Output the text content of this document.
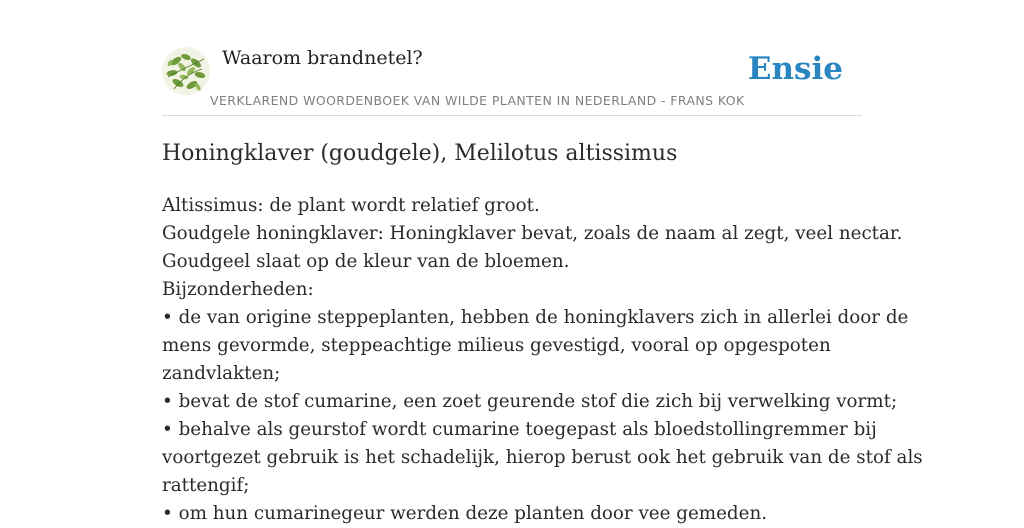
Waarom brandnetel?
VERKLAREND WOORDENBOEK VAN WILDE PLANTEN IN NEDERLAND - FRANS KOK
Ensie
Honingklaver (goudgele), Melilotus altissimus
Altissimus: de plant wordt relatief groot.
Goudgele honingklaver: Honingklaver bevat, zoals de naam al zegt, veel nectar.
Goudgeel slaat op de kleur van de bloemen.
Bijzonderheden:
• de van origine steppeplanten, hebben de honingklavers zich in allerlei door de
mens gevormde, steppeachtige milieus gevestigd, vooral op opgespoten
zandvlakten;
• bevat de stof cumarine, een zoet geurende stof die zich bij verwelking vormt;
• behalve als geurstof wordt cumarine toegepast als bloedstollingremmer bij
voortgezet gebruik is het schadelijk, hierop berust ook het gebruik van de stof als
rattengif;
• om hun cumarinegeur werden deze planten door vee gemeden.
